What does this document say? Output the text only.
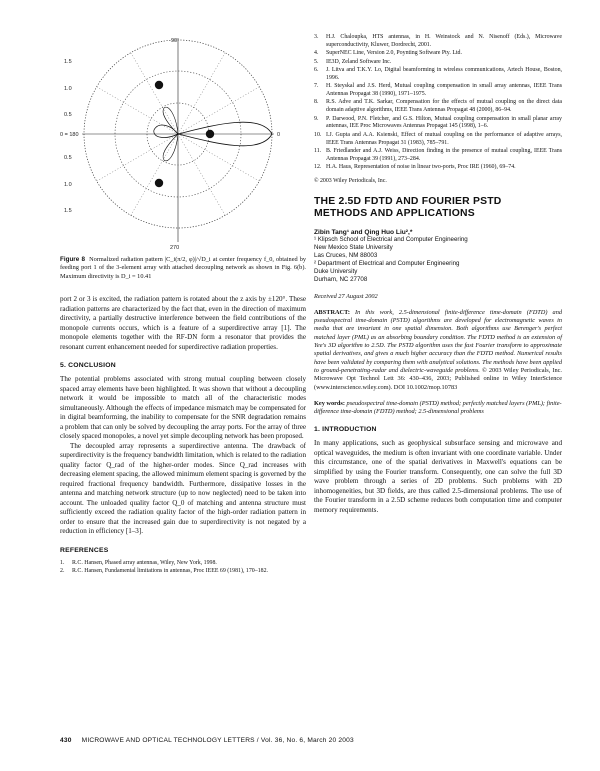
90
270
0 = 180	0
1.5
1.0
0.5
0.5
1.0
1.5
Figure 8 Normalized radiation pattern |C_i(π/2, φ)|/√D_i at center frequency f_0, obtained by feeding port 1 of the 3-element array with attached decoupling network as shown in Fig. 6(b). Maximum directivity is D_i = 10.41

port 2 or 3 is excited, the radiation pattern is rotated about the z axis by ±120°. These radiation patterns are characterized by the fact that, even in the direction of maximum directivity, a partially destructive interference between the field contributions of the monopole currents occurs, which is a feature of a superdirective array [1]. The monopole elements together with the RF-DN form a resonator that provides the resonant current enhancement needed for superdirective radiation properties.

5. CONCLUSION

The potential problems associated with strong mutual coupling between closely spaced array elements have been highlighted. It was shown that without a decoupling network it would be impossible to match all of the characteristic modes simultaneously. Although the effects of impedance mismatch may be compensated for in digital beamforming, the inability to compensate for the SNR degradation remains a problem that can only be solved by decoupling the array ports. For the array of three closely spaced monopoles, a novel yet simple decoupling network has been proposed.

The decoupled array represents a superdirective antenna. The drawback of superdirectivity is the frequency bandwidth limitation, which is related to the radiation quality factor Q_rad of the higher-order modes. Since Q_rad increases with decreasing element spacing, the allowed minimum element spacing is governed by the required fractional frequency bandwidth. Furthermore, dissipative losses in the antenna and matching network structure (up to now neglected) need to be taken into account. The unloaded quality factor Q_0 of matching and antenna structure must sufficiently exceed the radiation quality factor of the high-order radiation pattern in order to ensure that the increased gain due to superdirectivity is not negated by a reduction in efficiency [1–3].

REFERENCES
1.	R.C. Hansen, Phased array antennas, Wiley, New York, 1998.
2.	R.C. Hansen, Fundamental limitations in antennas, Proc IEEE 69 (1981), 170–182.
3.	H.J. Chaloupka, HTS antennas, in H. Weinstock and N. Nisenoff (Eds.), Microwave superconductivity, Kluwer, Dordrecht, 2001.
4.	SuperNEC Line, Version 2.0, Poynting Software Pty. Ltd.
5.	IE3D, Zeland Software Inc.
6.	J. Litva and T.K.Y. Lo, Digital beamforming in wireless communications, Artech House, Boston, 1996.
7.	H. Steyskal and J.S. Herd, Mutual coupling compensation in small array antennas, IEEE Trans Antennas Propagat 38 (1990), 1971–1975.
8.	R.S. Adve and T.K. Sarkar, Compensation for the effects of mutual coupling on the direct data domain adaptive algorithms, IEEE Trans Antennas Propagat 48 (2000), 86–94.
9.	P. Darwood, P.N. Fletcher, and G.S. Hilton, Mutual coupling compensation in small planar array antennas, IEE Proc Microwaves Antennas Propagat 145 (1998), 1–6.
10. I.J. Gupta and A.A. Ksienski, Effect of mutual coupling on the performance of adaptive arrays, IEEE Trans Antennas Propagat 31 (1983), 785–791.
11. B. Friedlander and A.J. Weiss, Direction finding in the presence of mutual coupling, IEEE Trans Antennas Propagat 39 (1991), 273–284.
12. H.A. Haus, Representation of noise in linear two-ports, Proc IRE (1960), 69–74.
© 2003 Wiley Periodicals, Inc.
THE 2.5D FDTD AND FOURIER PSTD
METHODS AND APPLICATIONS
Zibin Tang¹ and Qing Huo Liu²,*
¹ Klipsch School of Electrical and Computer Engineering
New Mexico State University
Las Cruces, NM 88003
² Department of Electrical and Computer Engineering
Duke University
Durham, NC 27708
Received 27 August 2002
ABSTRACT: In this work, 2.5-dimensional finite-difference time-domain (FDTD) and pseudospectral time-domain (PSTD) algorithms are developed for electromagnetic waves in media that are invariant in one spatial dimension. Both algorithms use Berenger's perfect matched layer (PML) as an absorbing boundary condition. The FDTD method is an extension of Yee's 3D algorithm to 2.5D. The PSTD algorithm uses the fast Fourier transform to approximate spatial derivatives, and gives a much higher accuracy than the FDTD method. Numerical results have been validated by comparing them with analytical solutions. The methods have been applied to ground-penetrating-radar and dielectric-waveguide problems. © 2003 Wiley Periodicals, Inc. Microwave Opt Technol Lett 36: 430–436, 2003; Published online in Wiley InterScience (www.interscience.wiley.com). DOI 10.1002/mop.10783
Key words: pseudospectral time-domain (PSTD) method; perfectly matched layers (PML); finite-difference time-domain (FDTD) method; 2.5-dimensional problems
1. INTRODUCTION

In many applications, such as geophysical subsurface sensing and microwave and optical waveguides, the medium is often invariant with one coordinate variable. Under this circumstance, one of the spatial derivatives in Maxwell's equations can be simplified by using the Fourier transform. Consequently, one can solve the full 3D wave problem through a series of 2D problems. Such problems with 2D inhomogeneities, but 3D fields, are thus called 2.5-dimensional problems. The use of the Fourier transform in a 2.5D scheme reduces both computation time and computer memory requirements.

430 MICROWAVE AND OPTICAL TECHNOLOGY LETTERS / Vol. 36, No. 6, March 20 2003
